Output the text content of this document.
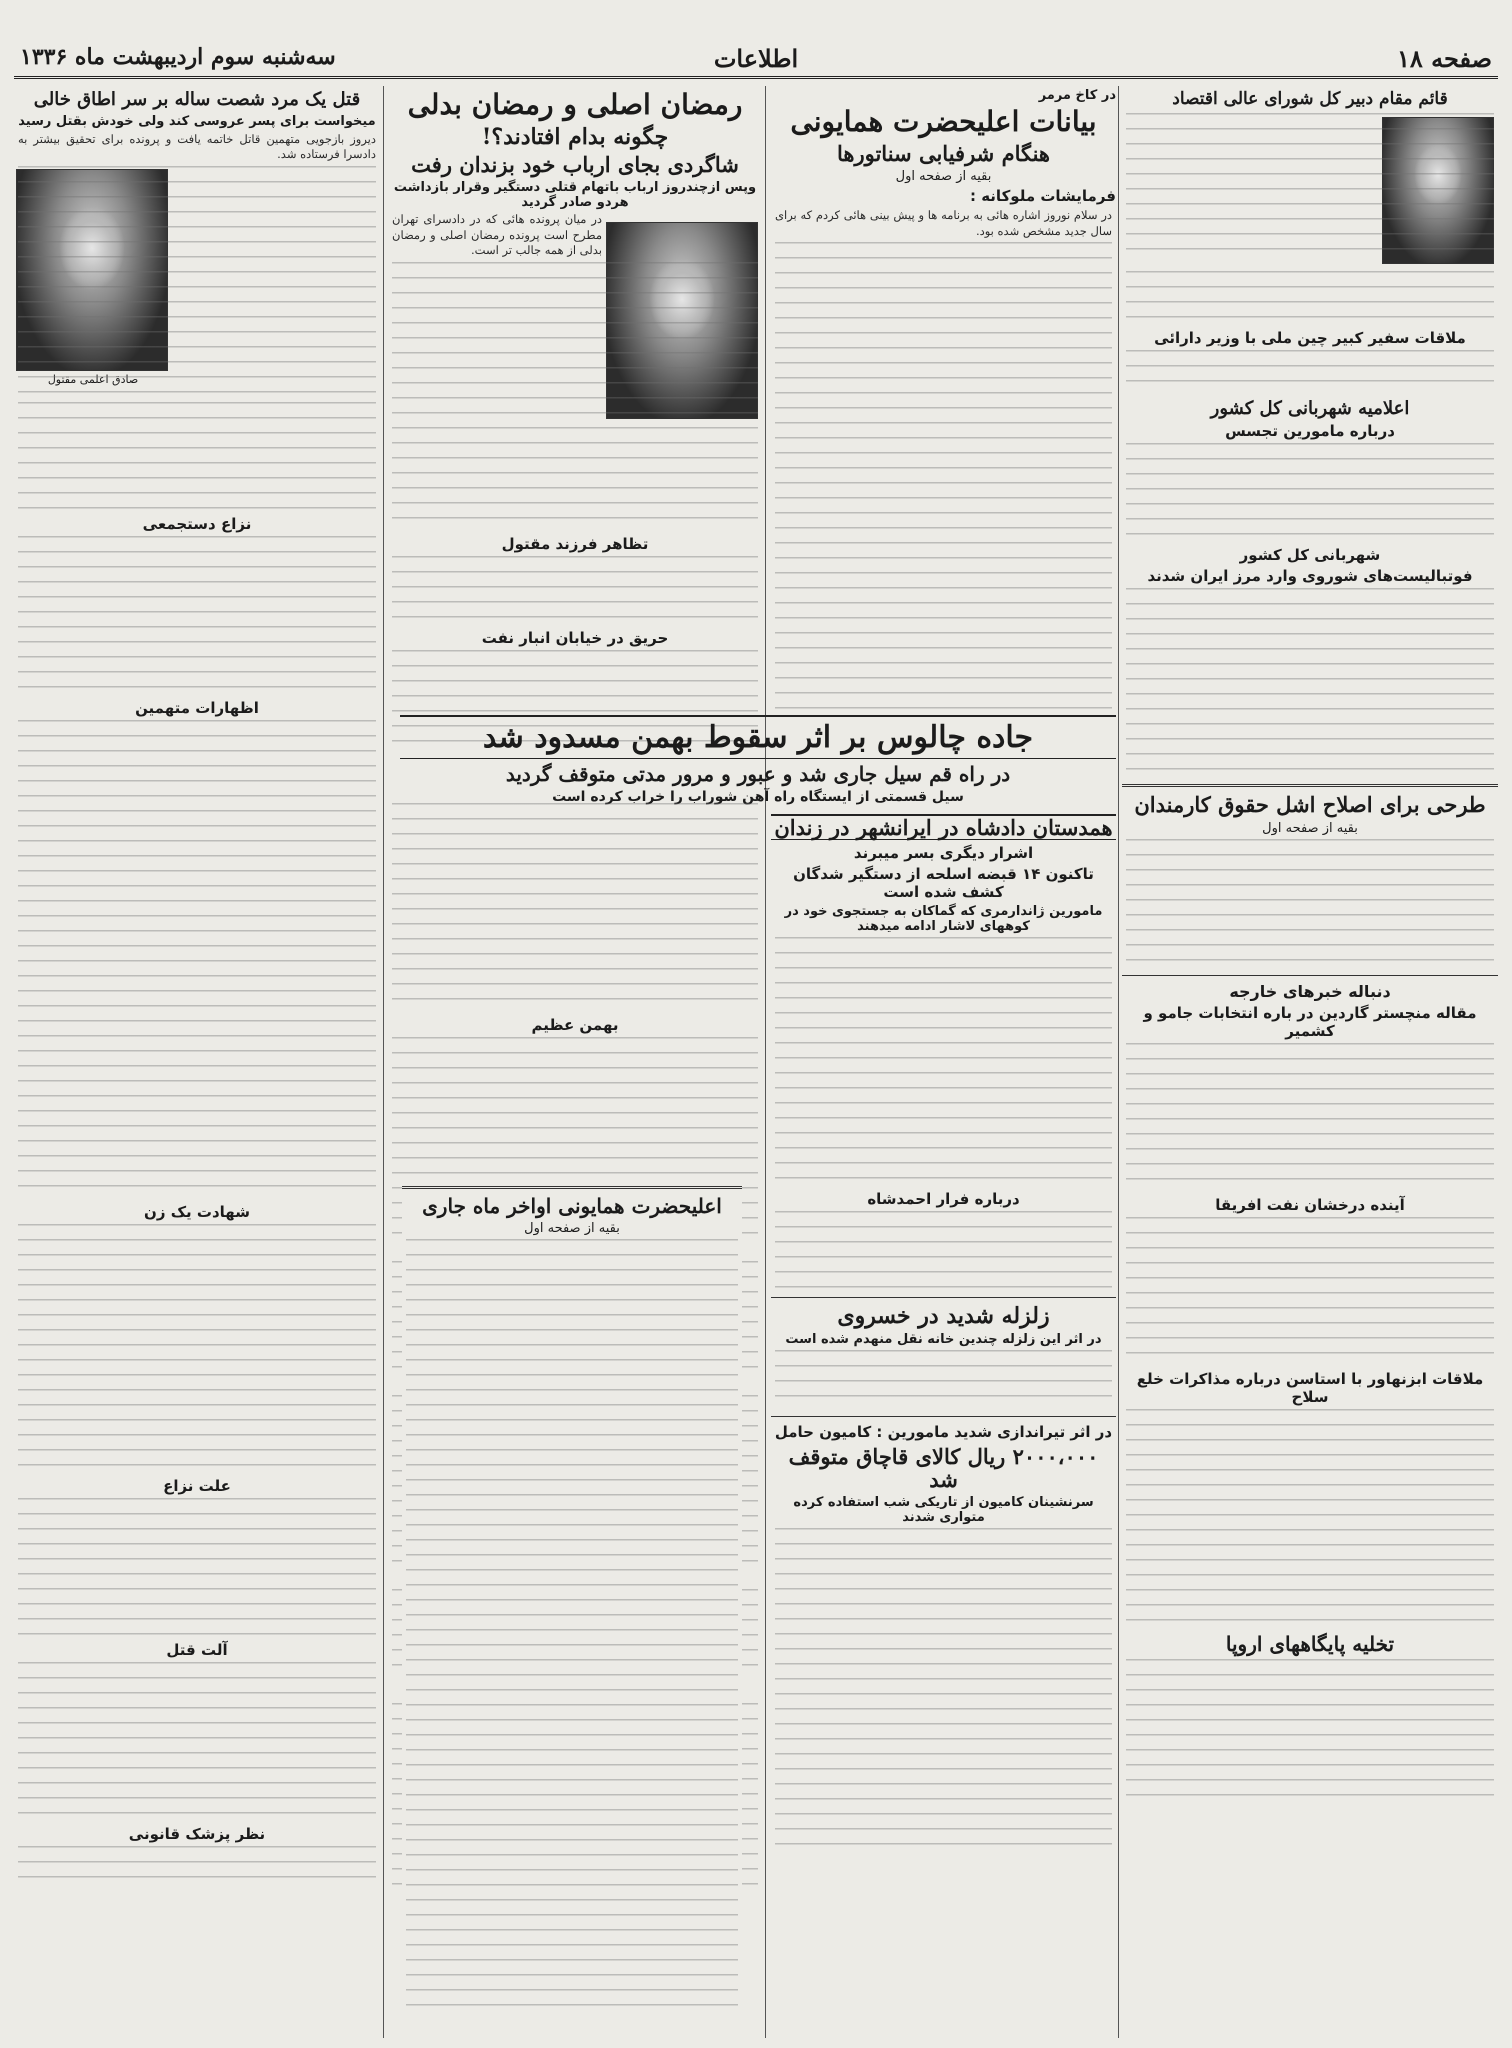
صفحه ۱۸
اطلاعات
سه‌شنبه سوم اردیبهشت ماه ۱۳۳۶
قتل یک مرد شصت ساله بر سر اطاق خالی
میخواست برای پسر عروسی کند ولی خودش بقتل رسید
دیروز بازجویی متهمین قاتل خاتمه یافت و پرونده برای تحقیق بیشتر به دادسرا فرستاده شد.
صادق اعلمی مقتول
نزاع دستجمعی
اظهارات متهمین
شهادت یک زن
علت نزاع
آلت قتل
نظر پزشک قانونی
رمضان اصلی و رمضان بدلی
چگونه بدام افتادند؟!
شاگردی بجای ارباب خود بزندان رفت
وپس ازچندروز ارباب باتهام قتلی دستگیر وقرار بازداشت هردو صادر گردید
در میان پرونده هائی که در دادسرای تهران مطرح است پرونده رمضان اصلی و رمضان بدلی از همه جالب تر است.
تظاهر فرزند مقتول
حریق در خیابان انبار نفت
جاده چالوس بر اثر سقوط بهمن مسدود شد
در راه قم سیل جاری شد و عبور و مرور مدتی متوقف گردید
سیل قسمتی از ایستگاه راه آهن شوراب را خراب کرده است
بهمن عظیم
در کاخ مرمر
بیانات اعلیحضرت همایونی
هنگام شرفیابی سناتورها
بقیه از صفحه اول
فرمایشات ملوکانه :
در سلام نوروز اشاره هائی به برنامه ها و پیش بینی هائی کردم که برای سال جدید مشخص شده بود.
همدستان دادشاه در ایرانشهر در زندان
اشرار دیگری بسر میبرند
تاکنون ۱۴ قبضه اسلحه از دستگیر شدگان کشف شده است
مامورین ژاندارمری که گماکان به جستجوی خود در کوههای لاشار ادامه میدهند
درباره فرار احمدشاه
زلزله شدید در خسروی
در اثر این زلزله چندین خانه نقل منهدم شده است
در اثر تیراندازی شدید مامورین : کامیون حامل
۲۰۰۰،۰۰۰ ریال کالای قاچاق متوقف شد
سرنشینان کامیون از تاریکی شب استفاده کرده متواری شدند
قائم مقام دبیر کل شورای عالی اقتصاد
ملاقات سفیر کبیر چین ملی با وزیر دارائی
اعلامیه شهربانی کل کشور
درباره مامورین تجسس
شهربانی کل کشور
فوتبالیست‌های شوروی وارد مرز ایران شدند
طرحی برای اصلاح اشل حقوق کارمندان
بقیه از صفحه اول
دنباله خبرهای خارجه
مقاله منچستر گاردین در باره انتخابات جامو و کشمیر
آینده درخشان نفت افریقا
ملاقات ابزنهاور با استاسن درباره مذاکرات خلع سلاح
تخلیه پایگاههای اروپا
اعلیحضرت همایونی اواخر ماه جاری
بقیه از صفحه اول
